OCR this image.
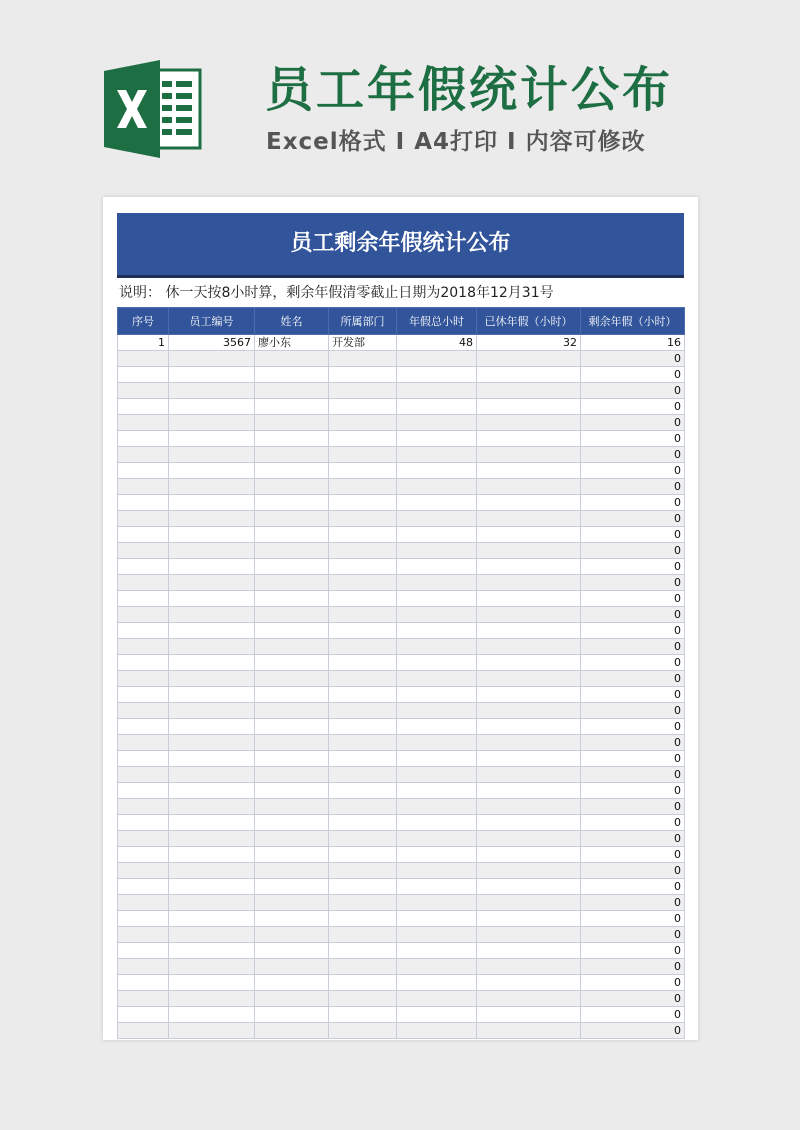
员工年假统计公布
Excel格式 I A4打印 I 内容可修改
员工剩余年假统计公布
说明： 休一天按8小时算，剩余年假清零截止日期为2018年12月31号
序号	员工编号	姓名	所属部门	年假总小时	已休年假（小时）	剩余年假（小时）
1	3567	廖小东	开发部	48	32	16
						0
						0
						0
						0
						0
						0
						0
						0
						0
						0
						0
						0
						0
						0
						0
						0
						0
						0
						0
						0
						0
						0
						0
						0
						0
						0
						0
						0
						0
						0
						0
						0
						0
						0
						0
						0
						0
						0
						0
						0
						0
						0
						0
